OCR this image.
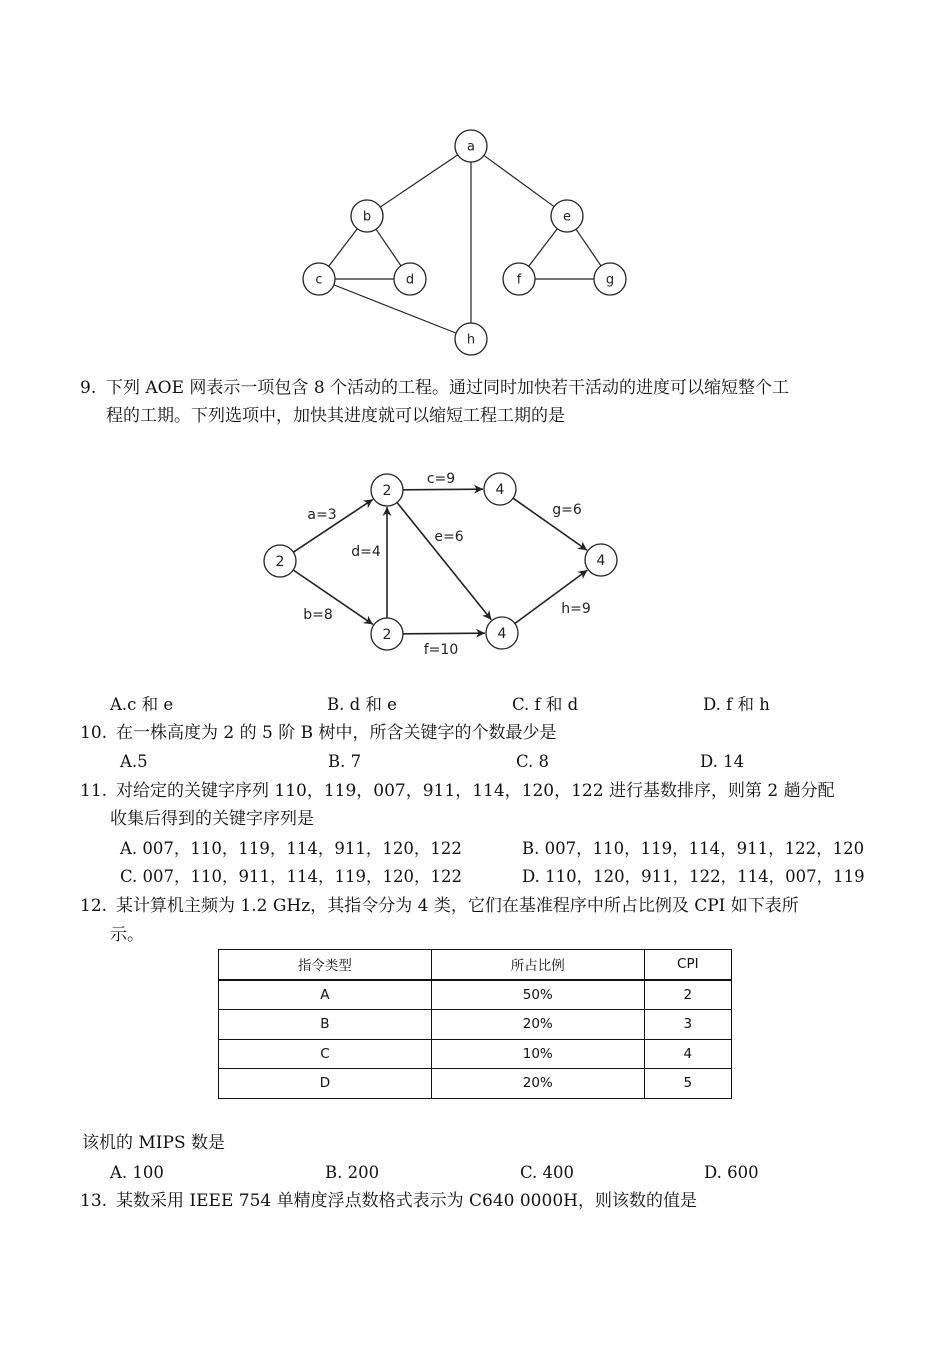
a
b
c	d
e
f	g
h
9. 下列 AOE 网表示一项包含 8 个活动的工程。通过同时加快若干活动的进度可以缩短整个工
程的工期。下列选项中，加快其进度就可以缩短工程工期的是
a=3
b=8
c=9
d=4
e=6
f=10
g=6
h=9
2
2
2
4
4
4
A.c 和 e	B. d 和 e	C. f 和 d	D. f 和 h
10. 在一株高度为 2 的 5 阶 B 树中，所含关键字的个数最少是
A.5	B. 7	C. 8	D. 14
11. 对给定的关键字序列 110，119，007，911，114，120，122 进行基数排序，则第 2 趟分配
收集后得到的关键字序列是
A. 007，110，119，114，911，120，122	B. 007，110，119，114，911，122，120
C. 007，110，911，114，119，120，122	D. 110，120，911，122，114，007，119
12. 某计算机主频为 1.2 GHz，其指令分为 4 类，它们在基准程序中所占比例及 CPI 如下表所
示。
指令类型	所占比例	CPI
A	50%	2
B	20%	3
C	10%	4
D	20%	5
该机的 MIPS 数是
A. 100	B. 200	C. 400	D. 600
13. 某数采用 IEEE 754 单精度浮点数格式表示为 C640 0000H，则该数的值是
